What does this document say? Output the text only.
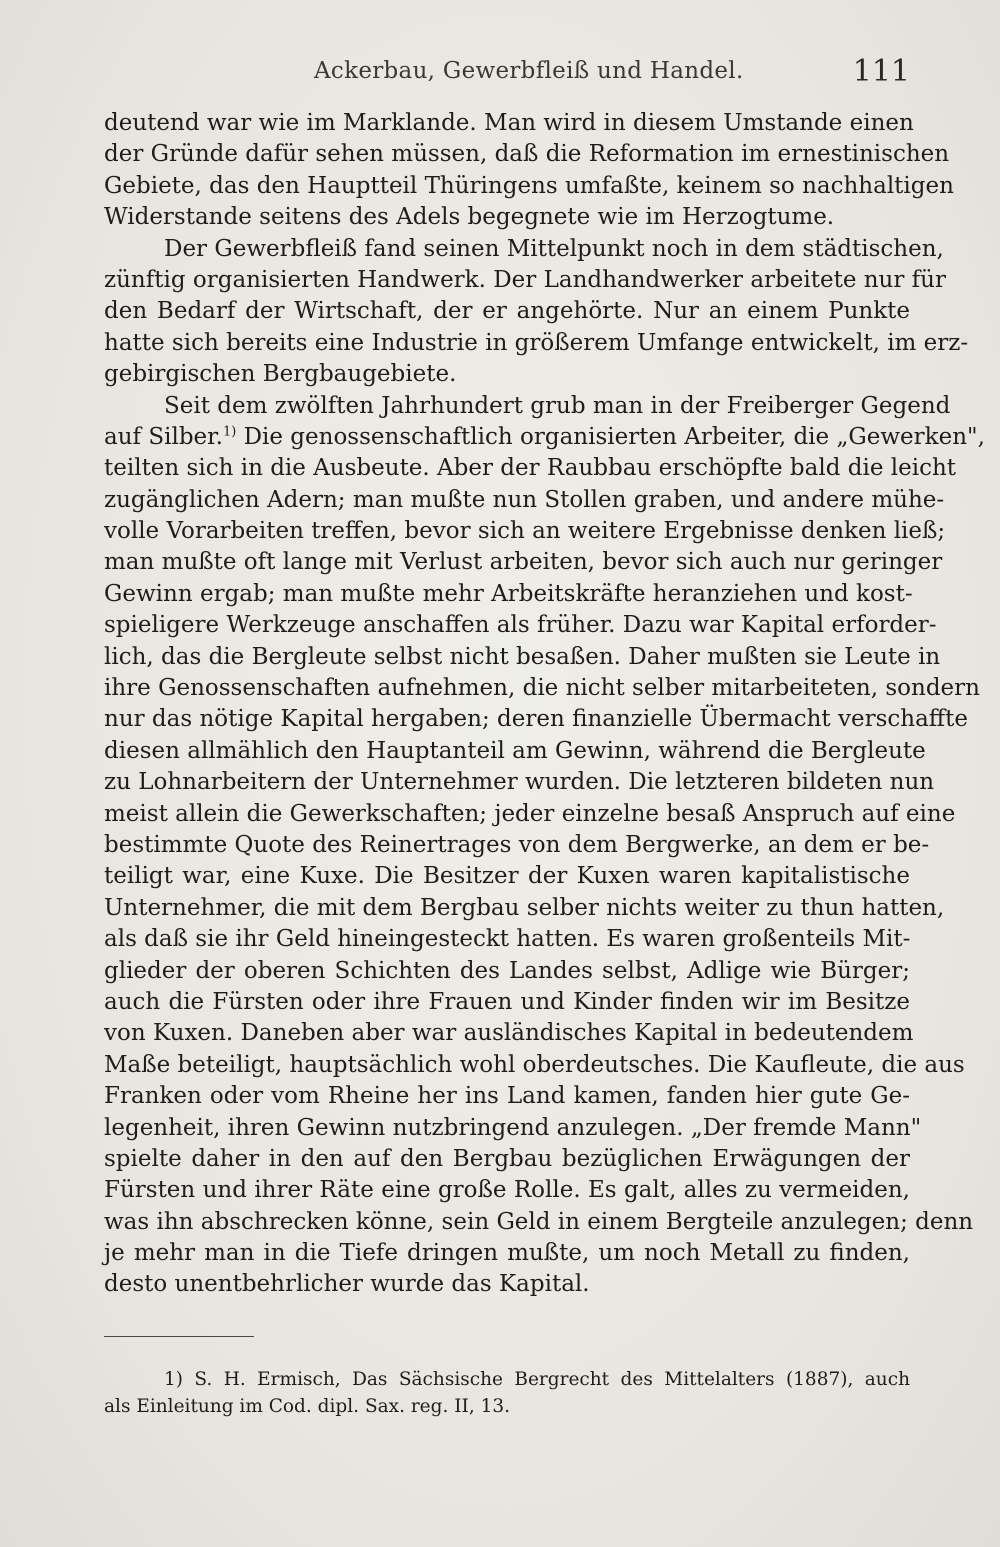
Ackerbau, Gewerbfleiß und Handel.	111
deutend war wie im Marklande. Man wird in diesem Umstande einen
der Gründe dafür sehen müssen, daß die Reformation im ernestinischen
Gebiete, das den Hauptteil Thüringens umfaßte, keinem so nachhaltigen
Widerstande seitens des Adels begegnete wie im Herzogtume.
Der Gewerbfleiß fand seinen Mittelpunkt noch in dem städtischen,
zünftig organisierten Handwerk. Der Landhandwerker arbeitete nur für
den Bedarf der Wirtschaft, der er angehörte. Nur an einem Punkte
hatte sich bereits eine Industrie in größerem Umfange entwickelt, im erz-
gebirgischen Bergbaugebiete.
Seit dem zwölften Jahrhundert grub man in der Freiberger Gegend
auf Silber.$^{1)}$ Die genossenschaftlich organisierten Arbeiter, die „Gewerken",
teilten sich in die Ausbeute. Aber der Raubbau erschöpfte bald die leicht
zugänglichen Adern; man mußte nun Stollen graben, und andere mühe-
volle Vorarbeiten treffen, bevor sich an weitere Ergebnisse denken ließ;
man mußte oft lange mit Verlust arbeiten, bevor sich auch nur geringer
Gewinn ergab; man mußte mehr Arbeitskräfte heranziehen und kost-
spieligere Werkzeuge anschaffen als früher. Dazu war Kapital erforder-
lich, das die Bergleute selbst nicht besaßen. Daher mußten sie Leute in
ihre Genossenschaften aufnehmen, die nicht selber mitarbeiteten, sondern
nur das nötige Kapital hergaben; deren finanzielle Übermacht verschaffte
diesen allmählich den Hauptanteil am Gewinn, während die Bergleute
zu Lohnarbeitern der Unternehmer wurden. Die letzteren bildeten nun
meist allein die Gewerkschaften; jeder einzelne besaß Anspruch auf eine
bestimmte Quote des Reinertrages von dem Bergwerke, an dem er be-
teiligt war, eine Kuxe. Die Besitzer der Kuxen waren kapitalistische
Unternehmer, die mit dem Bergbau selber nichts weiter zu thun hatten,
als daß sie ihr Geld hineingesteckt hatten. Es waren großenteils Mit-
glieder der oberen Schichten des Landes selbst, Adlige wie Bürger;
auch die Fürsten oder ihre Frauen und Kinder finden wir im Besitze
von Kuxen. Daneben aber war ausländisches Kapital in bedeutendem
Maße beteiligt, hauptsächlich wohl oberdeutsches. Die Kaufleute, die aus
Franken oder vom Rheine her ins Land kamen, fanden hier gute Ge-
legenheit, ihren Gewinn nutzbringend anzulegen. „Der fremde Mann"
spielte daher in den auf den Bergbau bezüglichen Erwägungen der
Fürsten und ihrer Räte eine große Rolle. Es galt, alles zu vermeiden,
was ihn abschrecken könne, sein Geld in einem Bergteile anzulegen; denn
je mehr man in die Tiefe dringen mußte, um noch Metall zu finden,
desto unentbehrlicher wurde das Kapital.
1) S. H. Ermisch, Das Sächsische Bergrecht des Mittelalters (1887), auch
als Einleitung im Cod. dipl. Sax. reg. II, 13.
